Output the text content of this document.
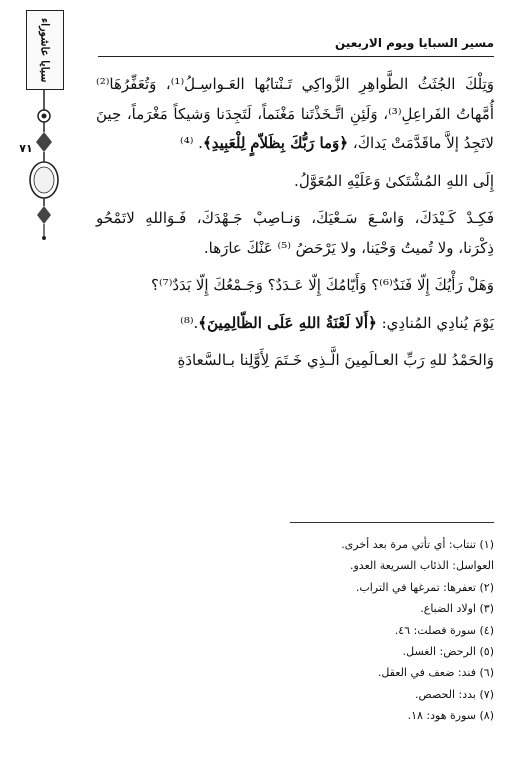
سبايا عاشوراء
٧١
مسير السبايا ويوم الاربعين

وَتِلْكَ الجُثَثُ الطَّواهِرِ الزَّواكِي تَـنْتابُها العَـواسِـلُ⁽¹⁾، وَتُعَفِّرُهَا⁽²⁾ أُمَّهاتُ الفَراعِلِ⁽³⁾، وَلَئِنِ اتَّـخَذْتَنا مَغْنَماً، لَتَجِدَنا وَشيكاً مَغْرَماً، حِينَ لاتَجِدُ إلاَّ ماقَدَّمَتْ يَداكَ، ﴿وَما رَبُّكَ بِظَلاّمٍ لِلْعَبِيدِ﴾. ⁽⁴⁾

إِلَى اللهِ المُشْتَكىٰ وَعَلَيْهِ المُعَوَّلُ.

فَكِـدْ كَـيْدَكَ، وَاسْـعَ سَـعْيَكَ، وَنـاصِبْ جَـهْدَكَ، فَـوَاللهِ لاتَمْحُو ذِكْرَنا، ولا تُميتُ وَحْيَنا، ولا يَرْحَضُ ⁽⁵⁾ عَنْكَ عارَها.

وَهَلْ رَأْيُكَ إِلّا فَنَدٌ⁽⁶⁾؟ وَأَيّامُكَ إِلّا عَـدَدٌ؟ وَجَـمْعُكَ إِلّا بَدَدٌ⁽⁷⁾؟

يَوْمَ يُنادِي المُنادِي: ﴿أَلا لَعْنَةُ اللهِ عَلَى الظّالِمِينَ﴾.⁽⁸⁾

وَالحَمْدُ للهِ رَبِّ العـالَمِينَ الَّـذِي خَـتَمَ لِأَوَّلِنا بـالسَّعادَةِ

(١) تنتاب: أي تأتي مرة بعد أخرى.
العواسل: الذئاب السريعة العدو.
(٢) تعفرها: تمرغها في التراب.
(٣) اولاد الضباع.
(٤) سورة فصلت: ٤٦.
(٥) الرحض: الغسل.
(٦) فند: ضعف في العقل.
(٧) بدد: الحصص.
(٨) سورة هود: ١٨.
